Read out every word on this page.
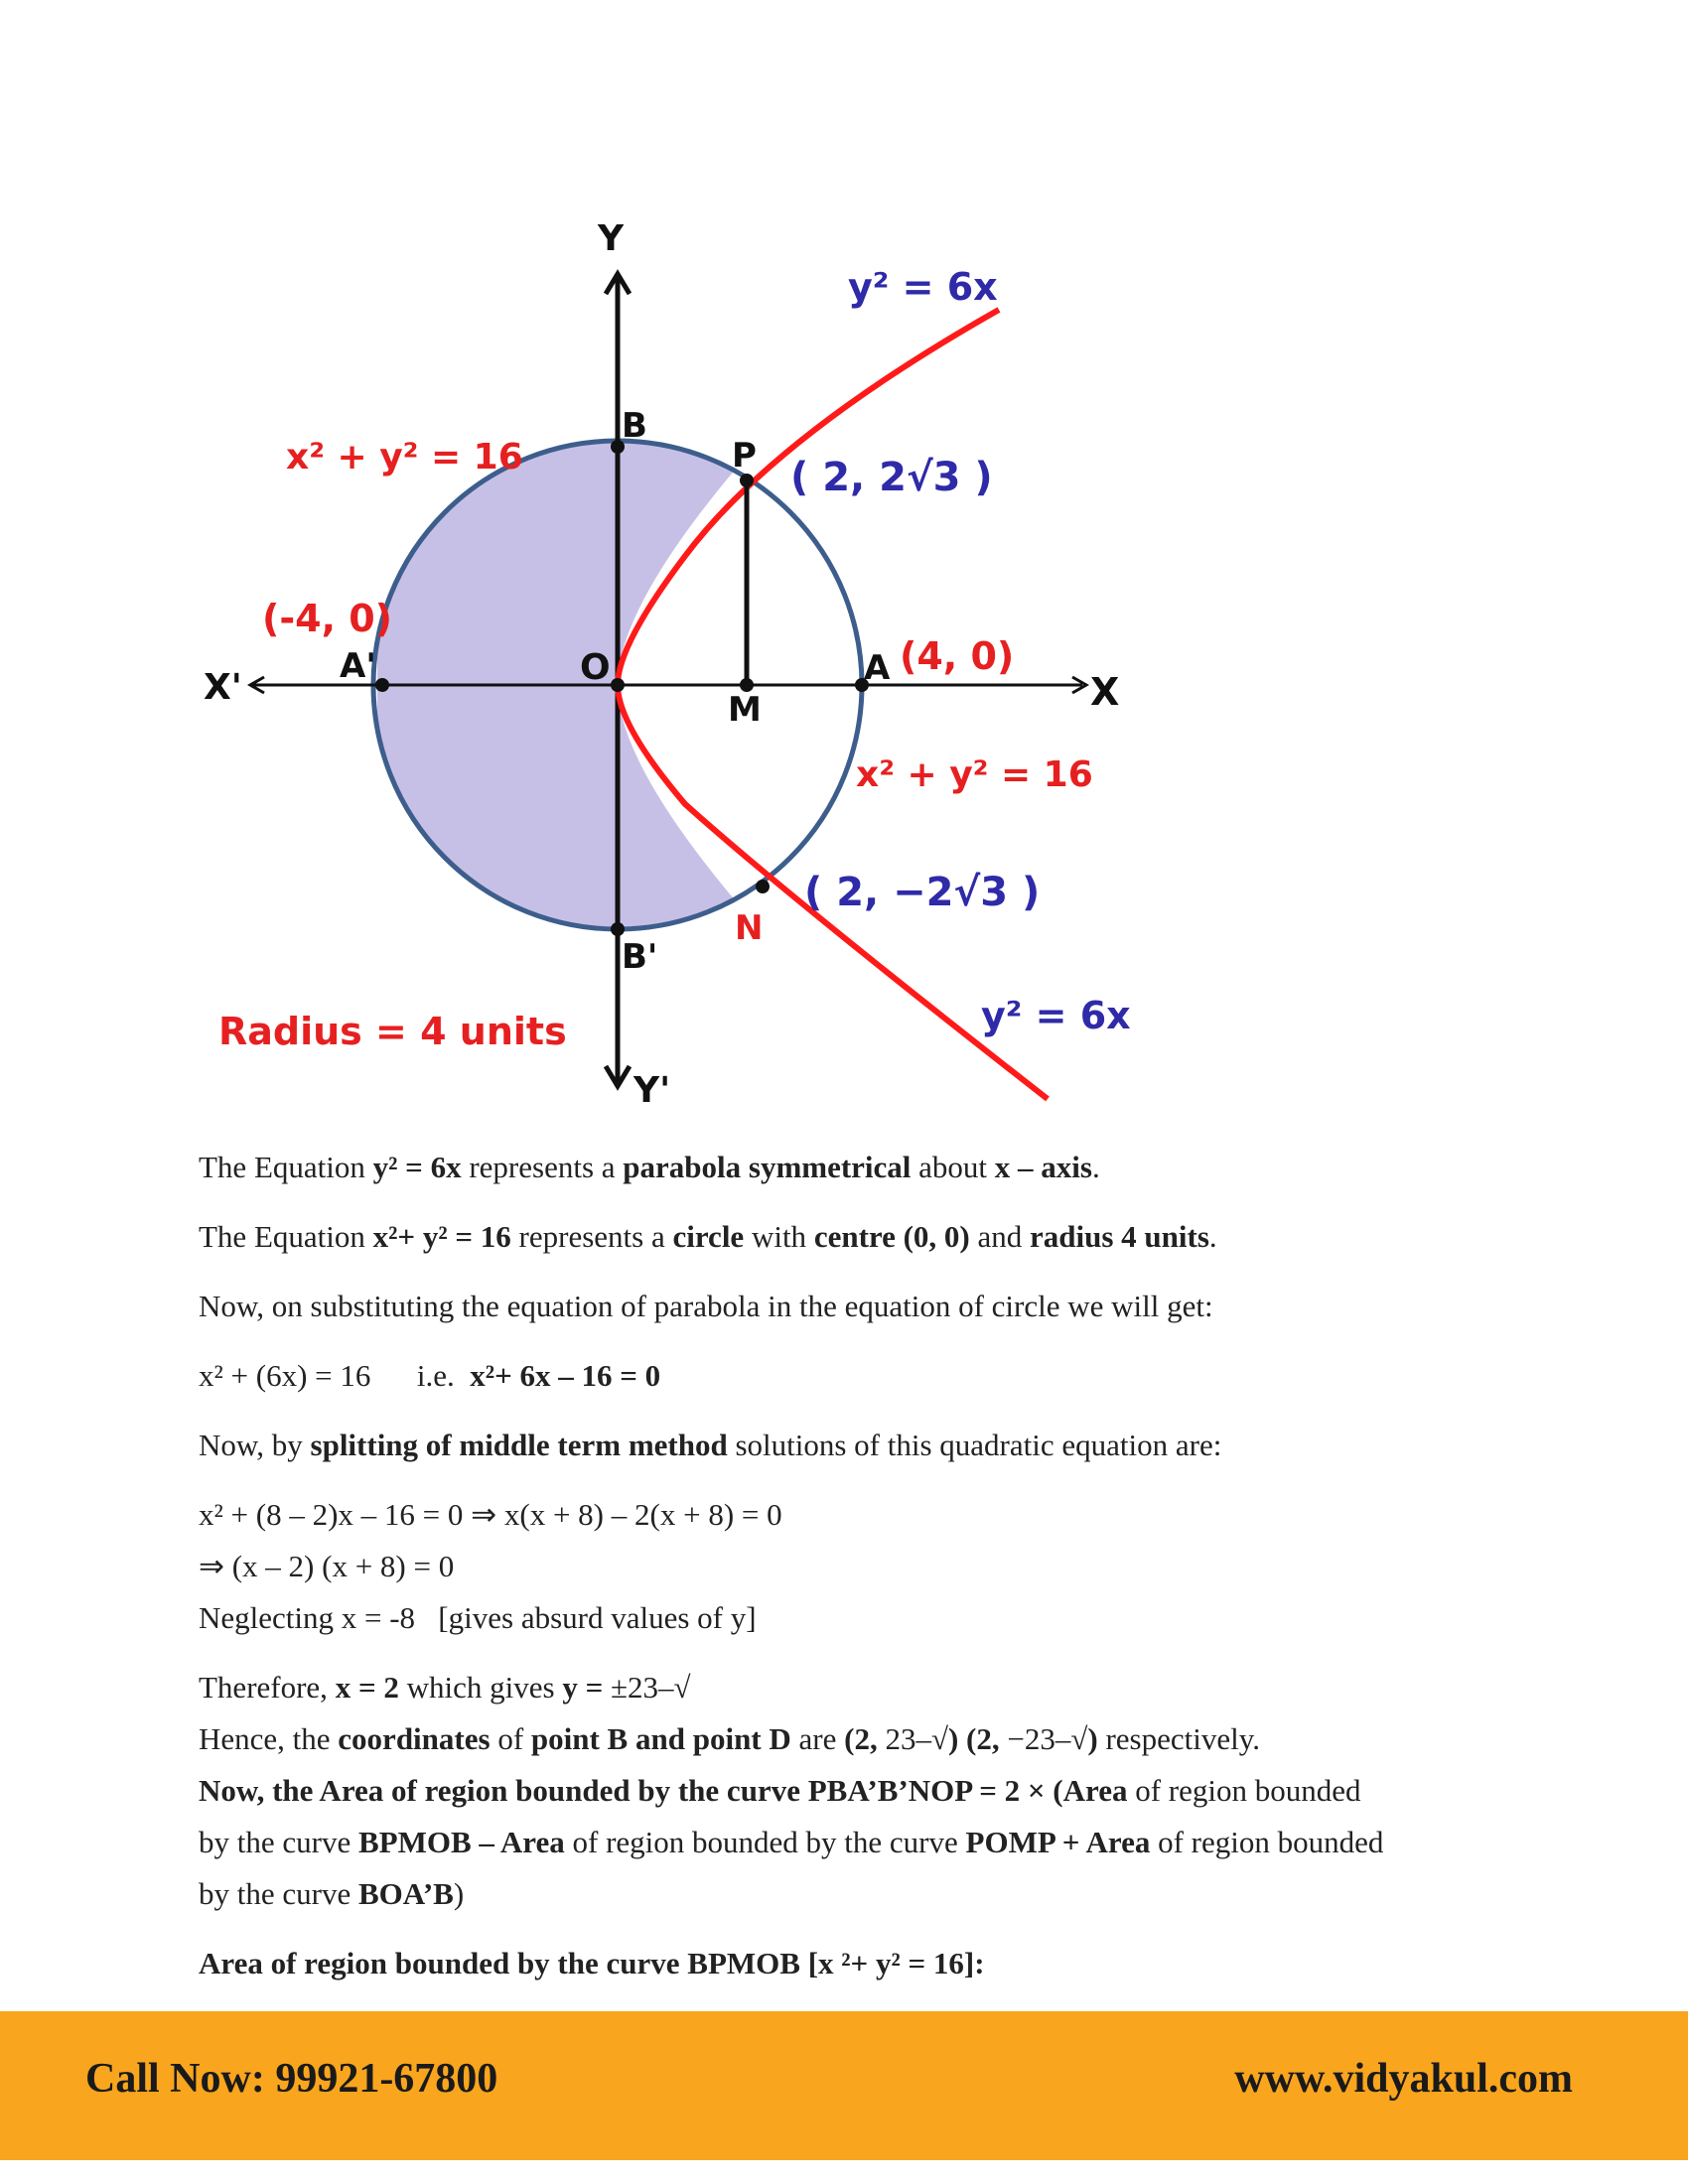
Y
Y'
X
X'
B
B'
P
O	A
A'
M
N
x² + y² = 16
x² + y² = 16
y² = 6x
y² = 6x
(-4, 0)
(4, 0)
( 2, 2√3 )
( 2, −2√3 )
Radius = 4 units

The Equation y² = 6x represents a parabola symmetrical about x – axis.

The Equation x²+ y² = 16 represents a circle with centre (0, 0) and radius 4 units.

Now, on substituting the equation of parabola in the equation of circle we will get:

x² + (6x) = 16      i.e.  x²+ 6x – 16 = 0

Now, by splitting of middle term method solutions of this quadratic equation are:

x² + (8 – 2)x – 16 = 0 ⇒ x(x + 8) – 2(x + 8) = 0

⇒ (x – 2) (x + 8) = 0

Neglecting x = -8   [gives absurd values of y]

Therefore, x = 2 which gives y = ±23–√

Hence, the coordinates of point B and point D are (2, 23–√) (2, −23–√) respectively.

Now, the Area of region bounded by the curve PBA’B’NOP = 2 × (Area of region bounded

by the curve BPMOB – Area of region bounded by the curve POMP + Area of region bounded

by the curve BOA’B)

Area of region bounded by the curve BPMOB [x ²+ y² = 16]:

Call Now: 99921-67800	www.vidyakul.com
